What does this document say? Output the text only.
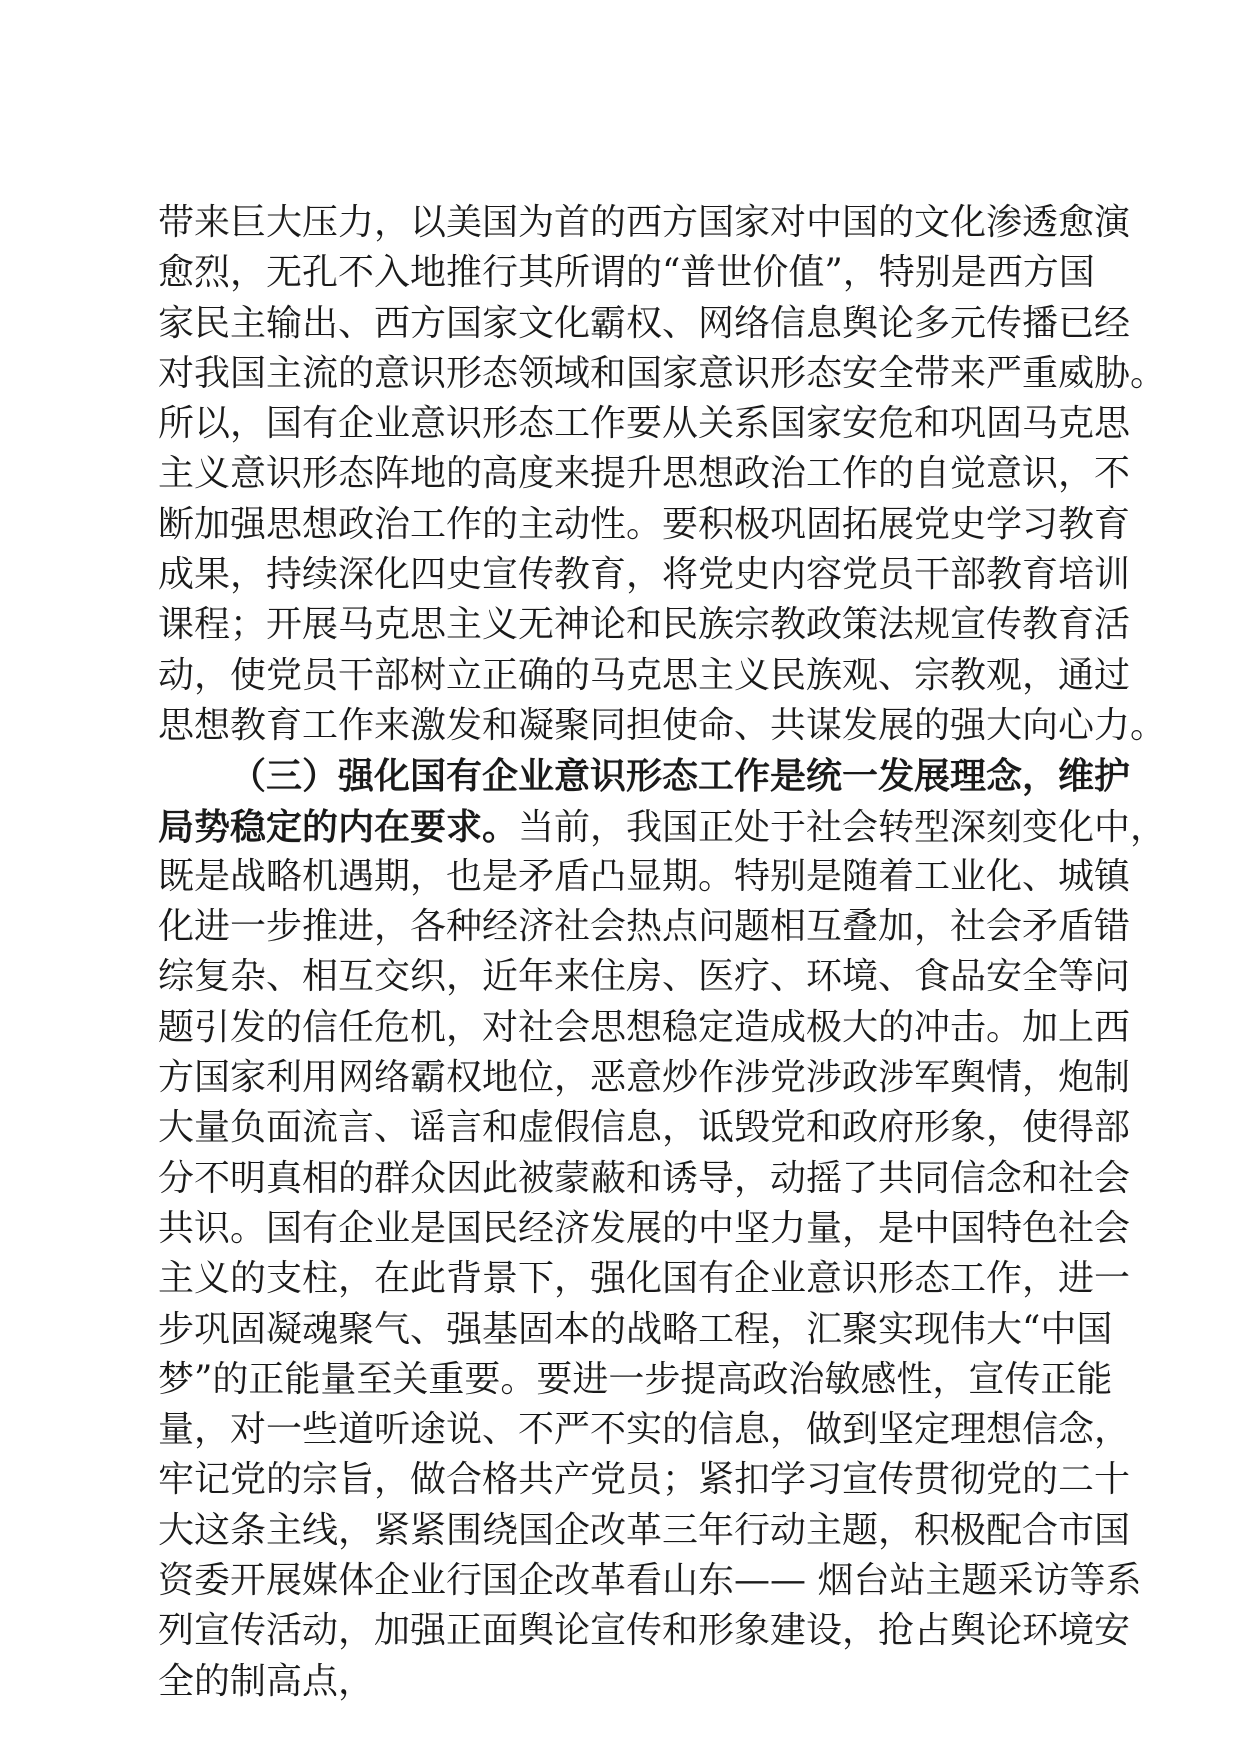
带来巨大压力，以美国为首的西方国家对中国的文化渗透愈演
愈烈，无孔不入地推行其所谓的“普世价值”，特别是西方国
家民主输出、西方国家文化霸权、网络信息舆论多元传播已经
对我国主流的意识形态领域和国家意识形态安全带来严重威胁。
所以，国有企业意识形态工作要从关系国家安危和巩固马克思
主义意识形态阵地的高度来提升思想政治工作的自觉意识，不
断加强思想政治工作的主动性。要积极巩固拓展党史学习教育
成果，持续深化四史宣传教育，将党史内容党员干部教育培训
课程；开展马克思主义无神论和民族宗教政策法规宣传教育活
动，使党员干部树立正确的马克思主义民族观、宗教观，通过
思想教育工作来激发和凝聚同担使命、共谋发展的强大向心力。
（三）强化国有企业意识形态工作是统一发展理念，维护
局势稳定的内在要求。当前，我国正处于社会转型深刻变化中，
既是战略机遇期，也是矛盾凸显期。特别是随着工业化、城镇
化进一步推进，各种经济社会热点问题相互叠加，社会矛盾错
综复杂、相互交织，近年来住房、医疗、环境、食品安全等问
题引发的信任危机，对社会思想稳定造成极大的冲击。加上西
方国家利用网络霸权地位，恶意炒作涉党涉政涉军舆情，炮制
大量负面流言、谣言和虚假信息，诋毁党和政府形象，使得部
分不明真相的群众因此被蒙蔽和诱导，动摇了共同信念和社会
共识。国有企业是国民经济发展的中坚力量，是中国特色社会
主义的支柱，在此背景下，强化国有企业意识形态工作，进一
步巩固凝魂聚气、强基固本的战略工程，汇聚实现伟大“中国
梦”的正能量至关重要。要进一步提高政治敏感性，宣传正能
量，对一些道听途说、不严不实的信息，做到坚定理想信念，
牢记党的宗旨，做合格共产党员；紧扣学习宣传贯彻党的二十
大这条主线，紧紧围绕国企改革三年行动主题，积极配合市国
资委开展媒体企业行国企改革看山东—— 烟台站主题采访等系
列宣传活动，加强正面舆论宣传和形象建设，抢占舆论环境安
全的制高点，
